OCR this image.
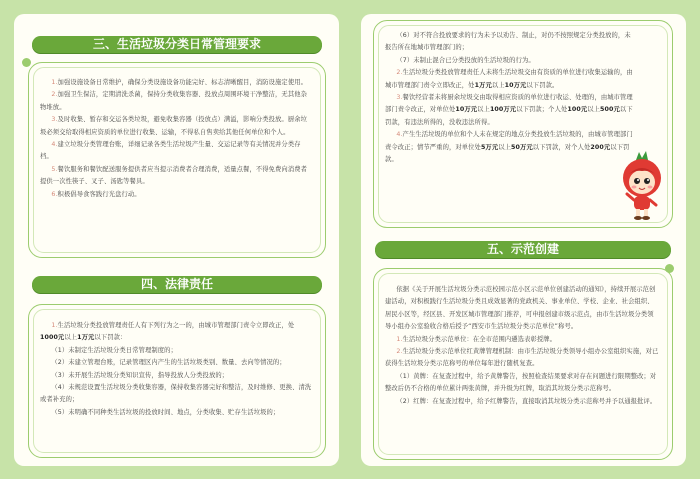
三、生活垃圾分类日常管理要求

1.加强设施设备日常维护，确保分类设施设备功能完好、标志清晰醒目，消防设施定使用。

2.加强卫生保洁，定期清洗杀菌，保持分类收集容器、投放点周围环境干净整洁，无其他杂物堆放。

3.及时收集、暂存和交运各类垃圾，避免收集容器（投放点）满溢，影响分类投放。厨余垃圾必须交给取得相应资质的单位进行收集、运输，不得私自售卖给其他任何单位和个人。

4.建立垃圾分类管理台账，详细记录各类生活垃圾产生量、交运记录等有关情况并分类存档。

5.餐饮服务和餐饮配送服务提供者应当提示消费者合理消费，适量点餐，不得免费向消费者提供一次性筷子、叉子、汤匙等餐具。

6.积极倡导食客践行光盘行动。

四、法律责任

1.生活垃圾分类投放管理责任人有下列行为之一的，由城市管理部门责令立即改正，处1000元以上1万元以下罚款：

（1）未制定生活垃圾分类日常管理制度的；

（2）未建立管理台账，记录管理区内产生的生活垃圾类别、数量、去向等情况的；

（3）未开展生活垃圾分类知识宣传，指导投放人分类投放的；

（4）未规范设置生活垃圾分类收集容器，保持收集容器完好和整洁，及时维修、更换、清洗或者补充的；

（5）未明确不同种类生活垃圾的投放时间、地点，分类收集、贮存生活垃圾的；

（6）对不符合投放要求的行为未予以劝告、制止，对仍不按照规定分类投放的，未报告所在地城市管理部门的；

（7）未制止混合已分类投放的生活垃圾的行为。

2.生活垃圾分类投放管理责任人未将生活垃圾交由有资质的单位进行收集运输的，由城市管理部门责令立即改正，处1万元以上10万元以下罚款。

3.餐饮经营者未将厨余垃圾交由取得相应资质的单位进行收运、处理的，由城市管理部门责令改正，对单位处10万元以上100万元以下罚款；个人处100元以上500元以下罚款，有违法所得的，没收违法所得。

4.产生生活垃圾的单位和个人未在规定的地点分类投放生活垃圾的，由城市管理部门责令改正；情节严重的，对单位处5万元以上50万元以下罚款，对个人处200元以下罚款。

五、示范创建

依据《关于开展生活垃圾分类示范校园示范小区示范单位创建活动的通知》，持续开展示范创建活动，对积极践行生活垃圾分类且成效显著的党政机关、事业单位、学校、企业、社会组织、居民小区等，经区县、开发区城市管理部门推荐，可申报创建市级示范点，由市生活垃圾分类领导小组办公室验收合格后授予“西安市生活垃圾分类示范单位”称号。

1.生活垃圾分类示范单位：在全市范围内遴选表彰授牌。

2.生活垃圾分类示范单位红黄牌管理机制：由市生活垃圾分类领导小组办公室组织实施，对已获得生活垃圾分类示范称号的单位每年进行随机复查。

（1）黄牌：在复查过程中，给予黄牌警告，按照检查结果要求对存在问题进行限期整改；对整改后仍不合格的单位累计两张黄牌，并升级为红牌，取消其垃圾分类示范称号。

（2）红牌：在复查过程中，给予红牌警告，直接取消其垃圾分类示范称号并予以通报批评。
